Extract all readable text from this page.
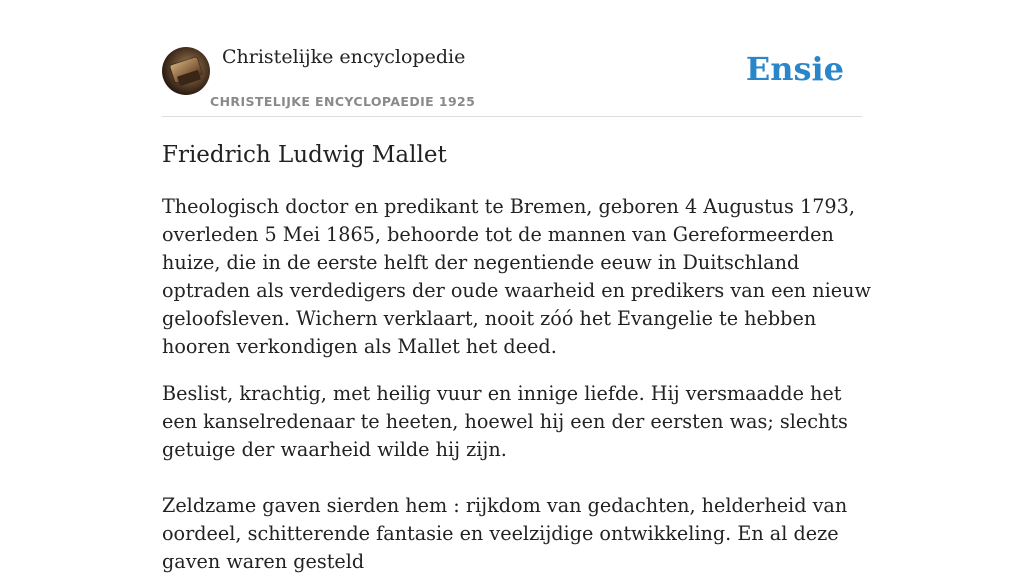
Christelijke encyclopedie
CHRISTELIJKE ENCYCLOPAEDIE 1925
Ensie
Friedrich Ludwig Mallet

Theologisch doctor en predikant te Bremen, geboren 4 Augustus 1793, overleden 5 Mei 1865, behoorde tot de mannen van Gereformeerden huize, die in de eerste helft der negentiende eeuw in Duitschland optraden als verdedigers der oude waarheid en predikers van een nieuw geloofsleven. Wichern verklaart, nooit zóó het Evangelie te hebben hooren verkondigen als Mallet het deed.

Beslist, krachtig, met heilig vuur en innige liefde. Hij versmaadde het een kanselredenaar te heeten, hoewel hij een der eersten was; slechts getuige der waarheid wilde hij zijn.

Zeldzame gaven sierden hem : rijkdom van gedachten, helderheid van oordeel, schitterende fantasie en veelzijdige ontwikkeling. En al deze gaven waren gesteld
